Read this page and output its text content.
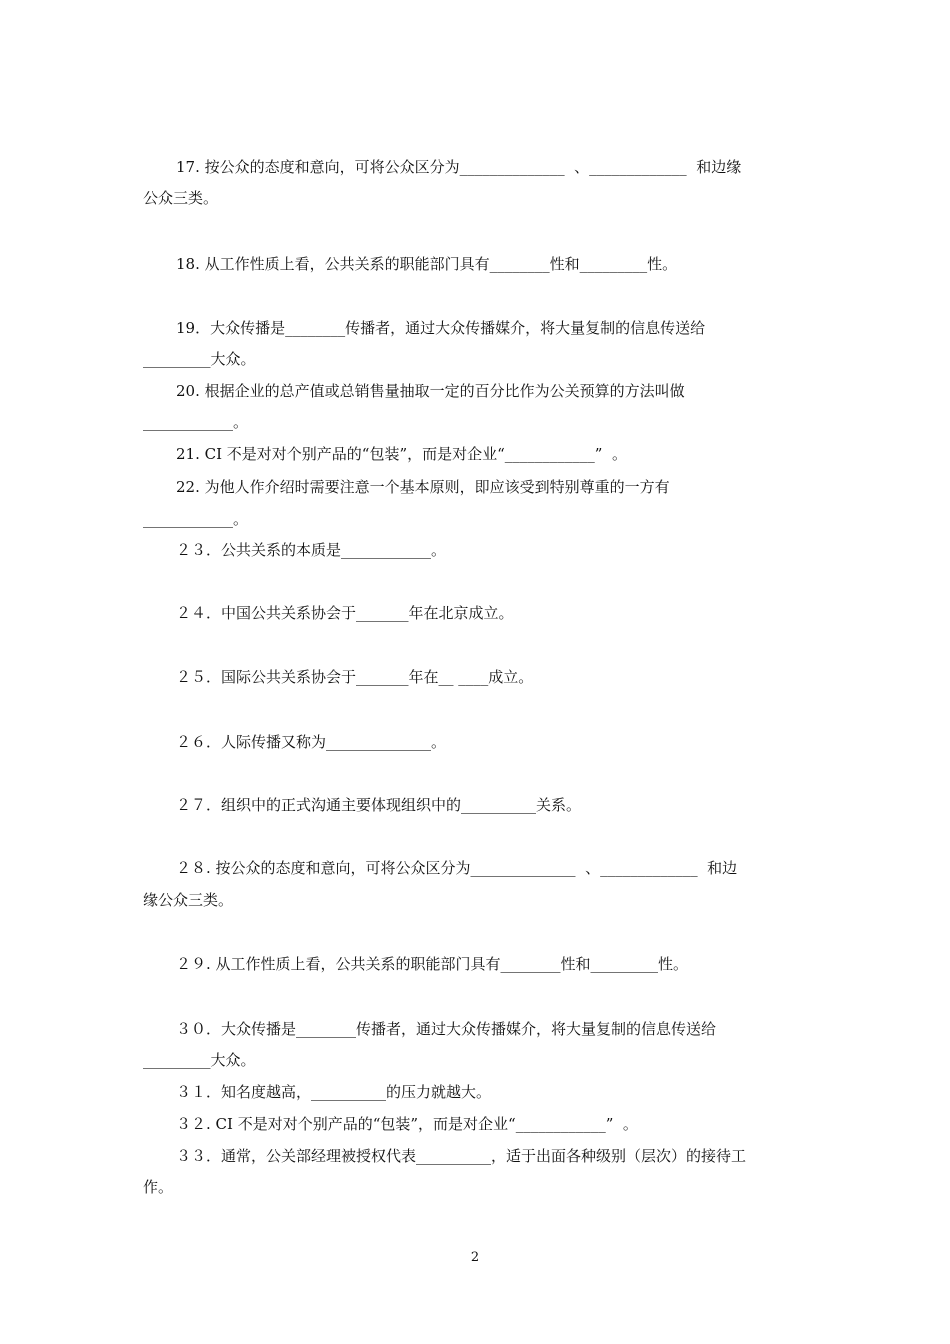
17. 按公众的态度和意向，可将公众区分为______________  、_____________  和边缘
公众三类。
18. 从工作性质上看，公共关系的职能部门具有________性和_________性。
19．大众传播是________传播者，通过大众传播媒介，将大量复制的信息传送给
_________大众。
20. 根据企业的总产值或总销售量抽取一定的百分比作为公关预算的方法叫做
____________。
21. CI 不是对对个别产品的“包装”，而是对企业“____________”  。
22. 为他人作介绍时需要注意一个基本原则，即应该受到特别尊重的一方有
____________。
２３．公共关系的本质是____________。
２４．中国公共关系协会于_______年在北京成立。
２５．国际公共关系协会于_______年在__ ____成立。
２６．人际传播又称为______________。
２７．组织中的正式沟通主要体现组织中的__________关系。
２８. 按公众的态度和意向，可将公众区分为______________  、_____________  和边
缘公众三类。
２９. 从工作性质上看，公共关系的职能部门具有________性和_________性。
３０．大众传播是________传播者，通过大众传播媒介，将大量复制的信息传送给
_________大众。
３１．知名度越高，__________的压力就越大。
３２. CI 不是对对个别产品的“包装”，而是对企业“____________”  。
３３．通常，公关部经理被授权代表__________，适于出面各种级别（层次）的接待工
作。
2
